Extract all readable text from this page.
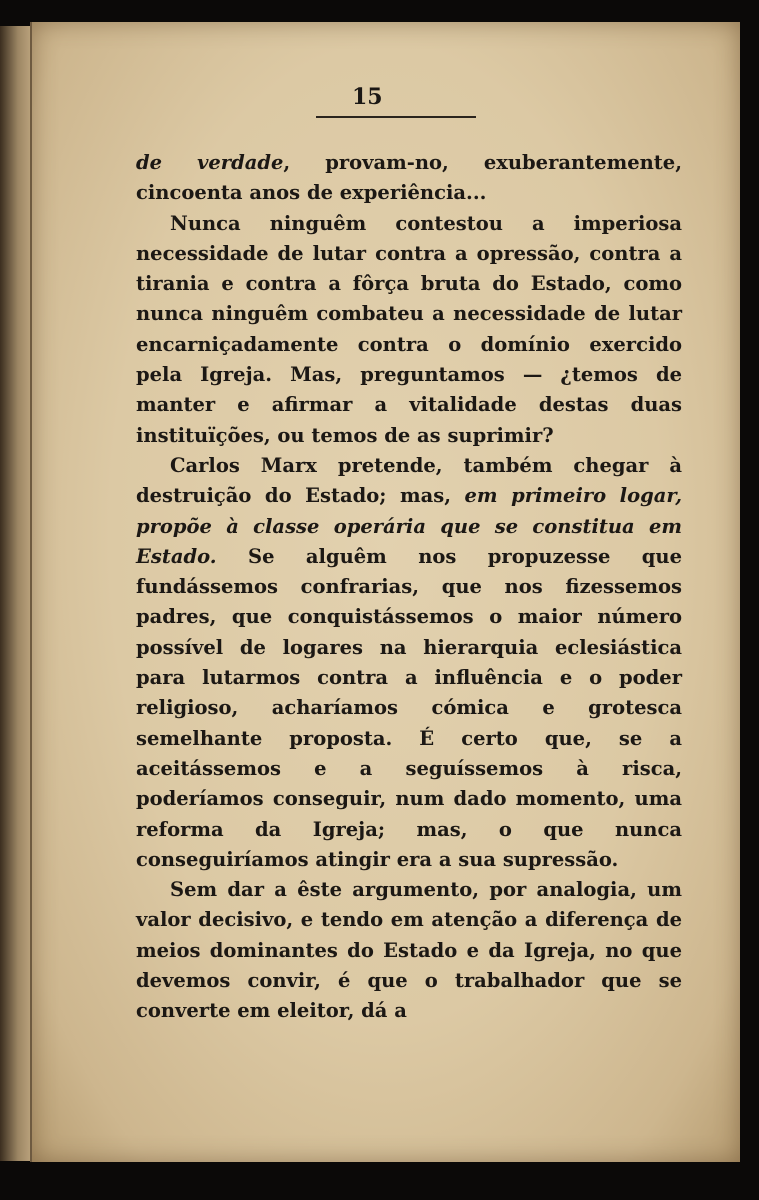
15

de verdade, provam-no, exuberantemente, cincoenta anos de experiência...

Nunca ninguêm contestou a imperiosa necessidade de lutar contra a opressão, contra a tirania e contra a fôrça bruta do Estado, como nunca ninguêm combateu a necessidade de lutar encarniçadamente contra o domínio exercido pela Igreja. Mas, preguntamos — ¿temos de manter e afirmar a vitalidade destas duas instituïções, ou temos de as suprimir?

Carlos Marx pretende, também chegar à destruição do Estado; mas, em primeiro logar, propõe à classe operária que se constitua em Estado. Se alguêm nos propuzesse que fundássemos confrarias, que nos fizessemos padres, que conquistássemos o maior número possível de logares na hierarquia eclesiástica para lutarmos contra a influência e o poder religioso, acharíamos cómica e grotesca semelhante proposta. É certo que, se a aceitássemos e a seguíssemos à risca, poderíamos conseguir, num dado momento, uma reforma da Igreja; mas, o que nunca conseguiríamos atingir era a sua supressão.

Sem dar a êste argumento, por analogia, um valor decisivo, e tendo em atenção a diferença de meios dominantes do Estado e da Igreja, no que devemos convir, é que o trabalhador que se converte em eleitor, dá a
